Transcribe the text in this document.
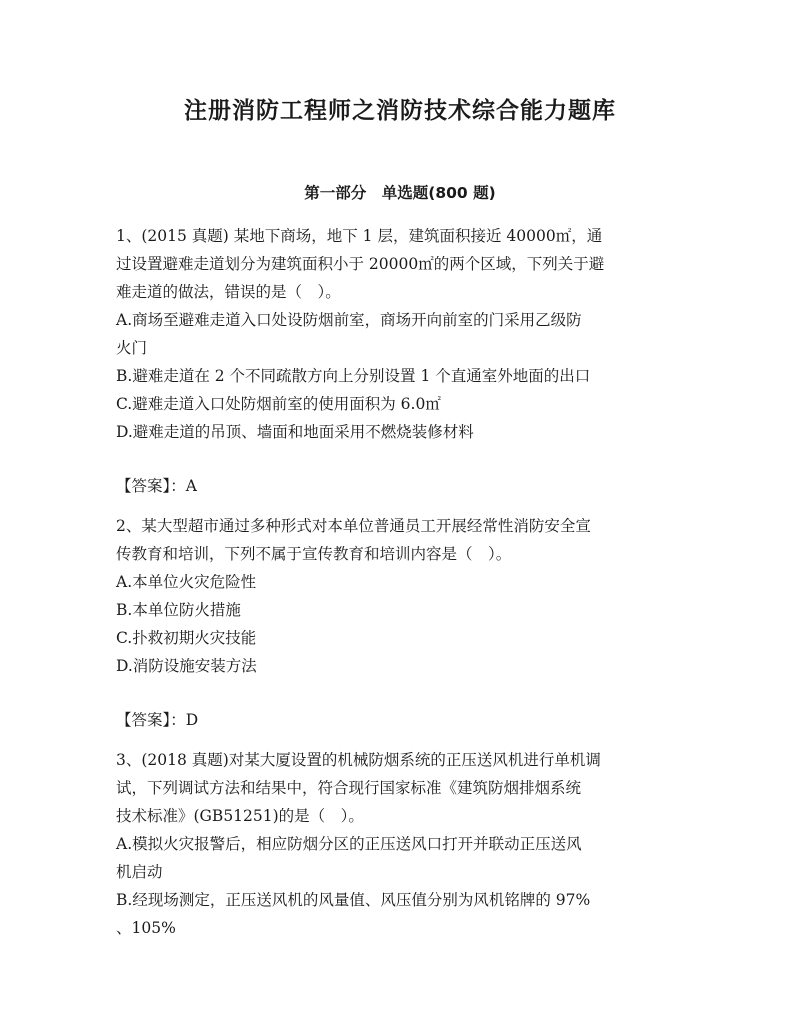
注册消防工程师之消防技术综合能力题库
第一部分　单选题(800 题)
1、(2015 真题) 某地下商场，地下 1 层，建筑面积接近 40000㎡，通
过设置避难走道划分为建筑面积小于 20000㎡的两个区域，下列关于避
难走道的做法，错误的是（　）。
A.商场至避难走道入口处设防烟前室，商场开向前室的门采用乙级防
火门
B.避难走道在 2 个不同疏散方向上分别设置 1 个直通室外地面的出口
C.避难走道入口处防烟前室的使用面积为 6.0㎡
D.避难走道的吊顶、墙面和地面采用不燃烧装修材料
【答案】：A
2、某大型超市通过多种形式对本单位普通员工开展经常性消防安全宣
传教育和培训，下列不属于宣传教育和培训内容是（　）。
A.本单位火灾危险性
B.本单位防火措施
C.扑救初期火灾技能
D.消防设施安装方法
【答案】：D
3、(2018 真题)对某大厦设置的机械防烟系统的正压送风机进行单机调
试，下列调试方法和结果中，符合现行国家标准《建筑防烟排烟系统
技术标准》(GB51251)的是（　）。
A.模拟火灾报警后，相应防烟分区的正压送风口打开并联动正压送风
机启动
B.经现场测定，正压送风机的风量值、风压值分别为风机铭牌的 97%
、105%
